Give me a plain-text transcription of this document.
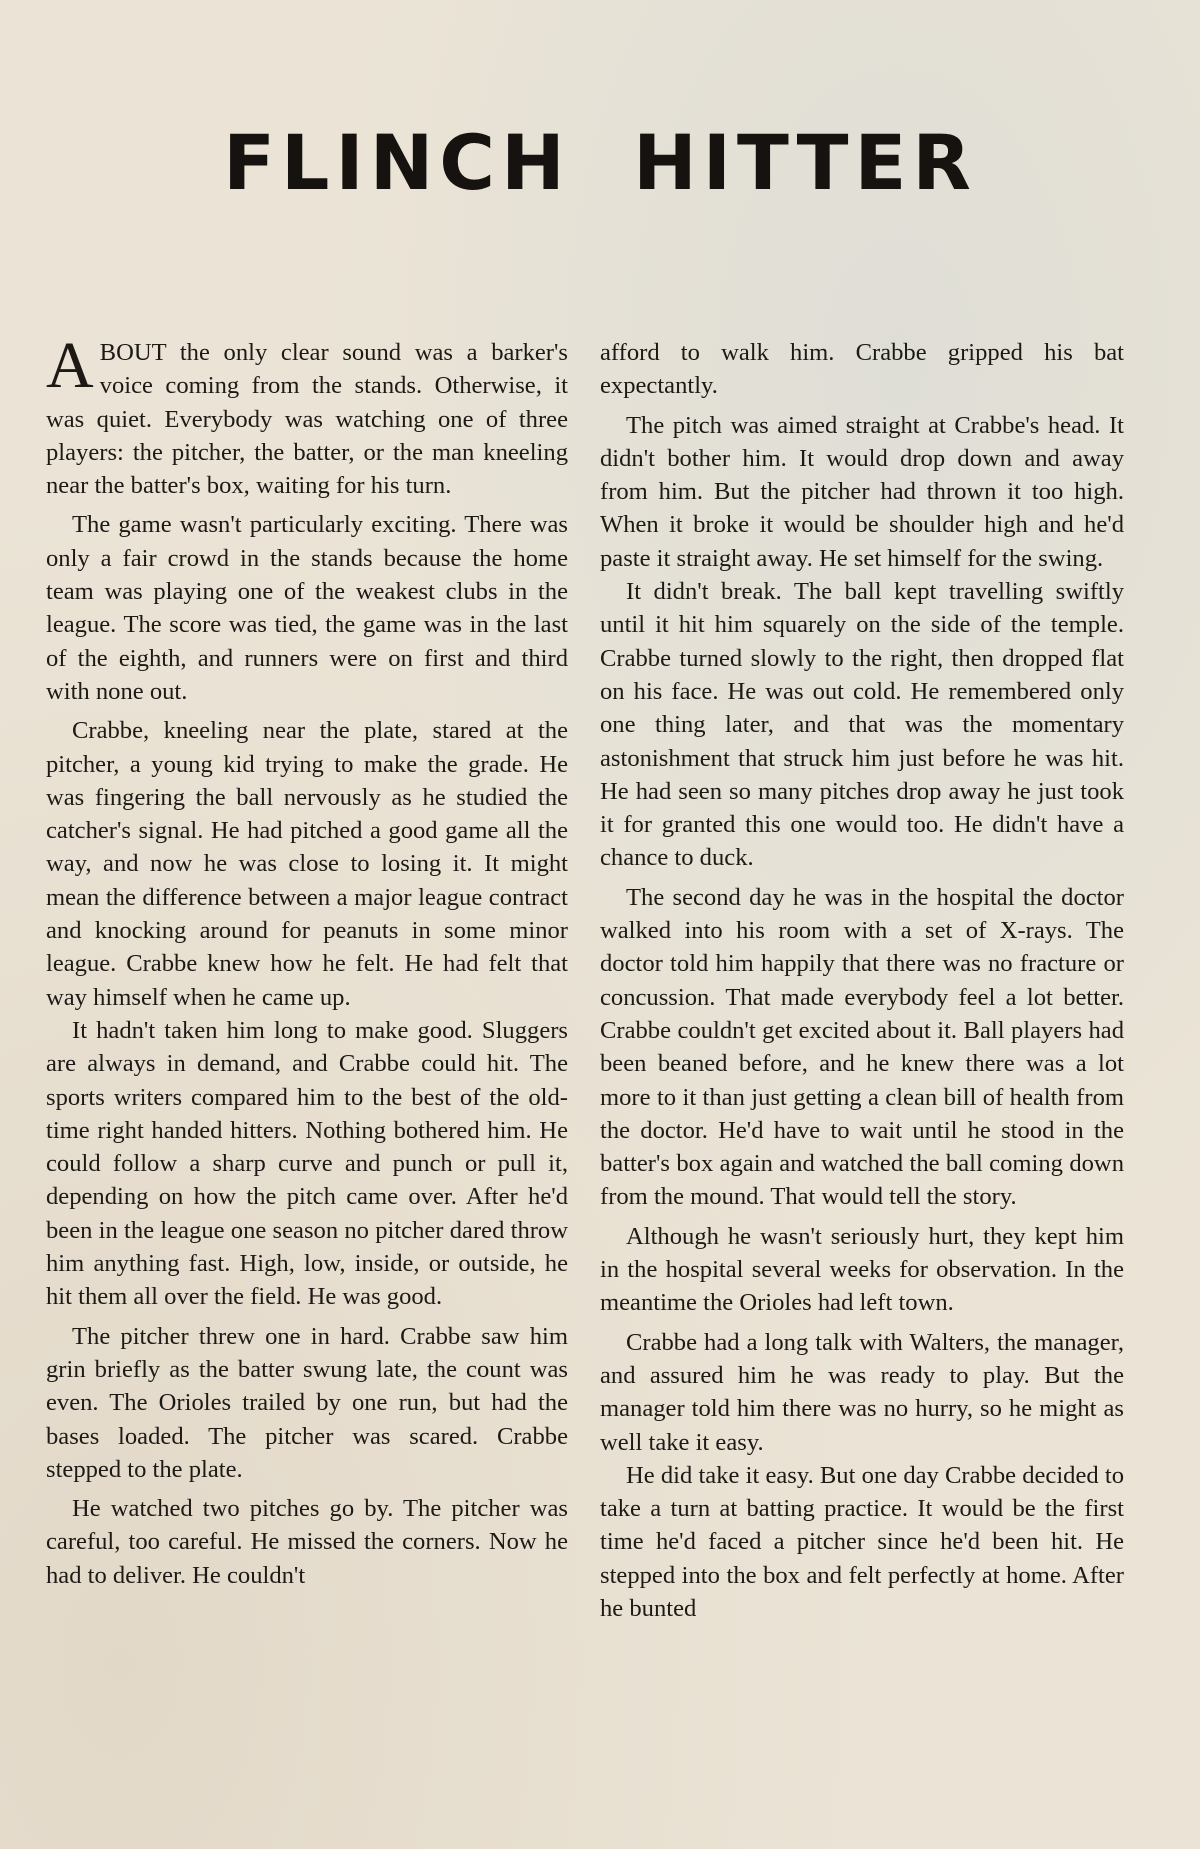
FLINCH HITTER

ABOUT the only clear sound was a barker's voice coming from the stands. Otherwise, it was quiet. Everybody was watching one of three players: the pitcher, the batter, or the man kneeling near the batter's box, waiting for his turn.

The game wasn't particularly exciting. There was only a fair crowd in the stands because the home team was playing one of the weakest clubs in the league. The score was tied, the game was in the last of the eighth, and runners were on first and third with none out.

Crabbe, kneeling near the plate, stared at the pitcher, a young kid trying to make the grade. He was fingering the ball nervously as he studied the catcher's signal. He had pitched a good game all the way, and now he was close to losing it. It might mean the difference between a major league contract and knocking around for peanuts in some minor league. Crabbe knew how he felt. He had felt that way himself when he came up.

It hadn't taken him long to make good. Sluggers are always in demand, and Crabbe could hit. The sports writers compared him to the best of the old-time right handed hitters. Nothing bothered him. He could follow a sharp curve and punch or pull it, depending on how the pitch came over. After he'd been in the league one season no pitcher dared throw him anything fast. High, low, inside, or outside, he hit them all over the field. He was good.

The pitcher threw one in hard. Crabbe saw him grin briefly as the batter swung late, the count was even. The Orioles trailed by one run, but had the bases loaded. The pitcher was scared. Crabbe stepped to the plate.

He watched two pitches go by. The pitcher was careful, too careful. He missed the corners. Now he had to deliver. He couldn't

afford to walk him. Crabbe gripped his bat expectantly.

The pitch was aimed straight at Crabbe's head. It didn't bother him. It would drop down and away from him. But the pitcher had thrown it too high. When it broke it would be shoulder high and he'd paste it straight away. He set himself for the swing.

It didn't break. The ball kept travelling swiftly until it hit him squarely on the side of the temple. Crabbe turned slowly to the right, then dropped flat on his face. He was out cold. He remembered only one thing later, and that was the momentary astonishment that struck him just before he was hit. He had seen so many pitches drop away he just took it for granted this one would too. He didn't have a chance to duck.

The second day he was in the hospital the doctor walked into his room with a set of X-rays. The doctor told him happily that there was no fracture or concussion. That made everybody feel a lot better. Crabbe couldn't get excited about it. Ball players had been beaned before, and he knew there was a lot more to it than just getting a clean bill of health from the doctor. He'd have to wait until he stood in the batter's box again and watched the ball coming down from the mound. That would tell the story.

Although he wasn't seriously hurt, they kept him in the hospital several weeks for observation. In the meantime the Orioles had left town.

Crabbe had a long talk with Walters, the manager, and assured him he was ready to play. But the manager told him there was no hurry, so he might as well take it easy.

He did take it easy. But one day Crabbe decided to take a turn at batting practice. It would be the first time he'd faced a pitcher since he'd been hit. He stepped into the box and felt perfectly at home. After he bunted
